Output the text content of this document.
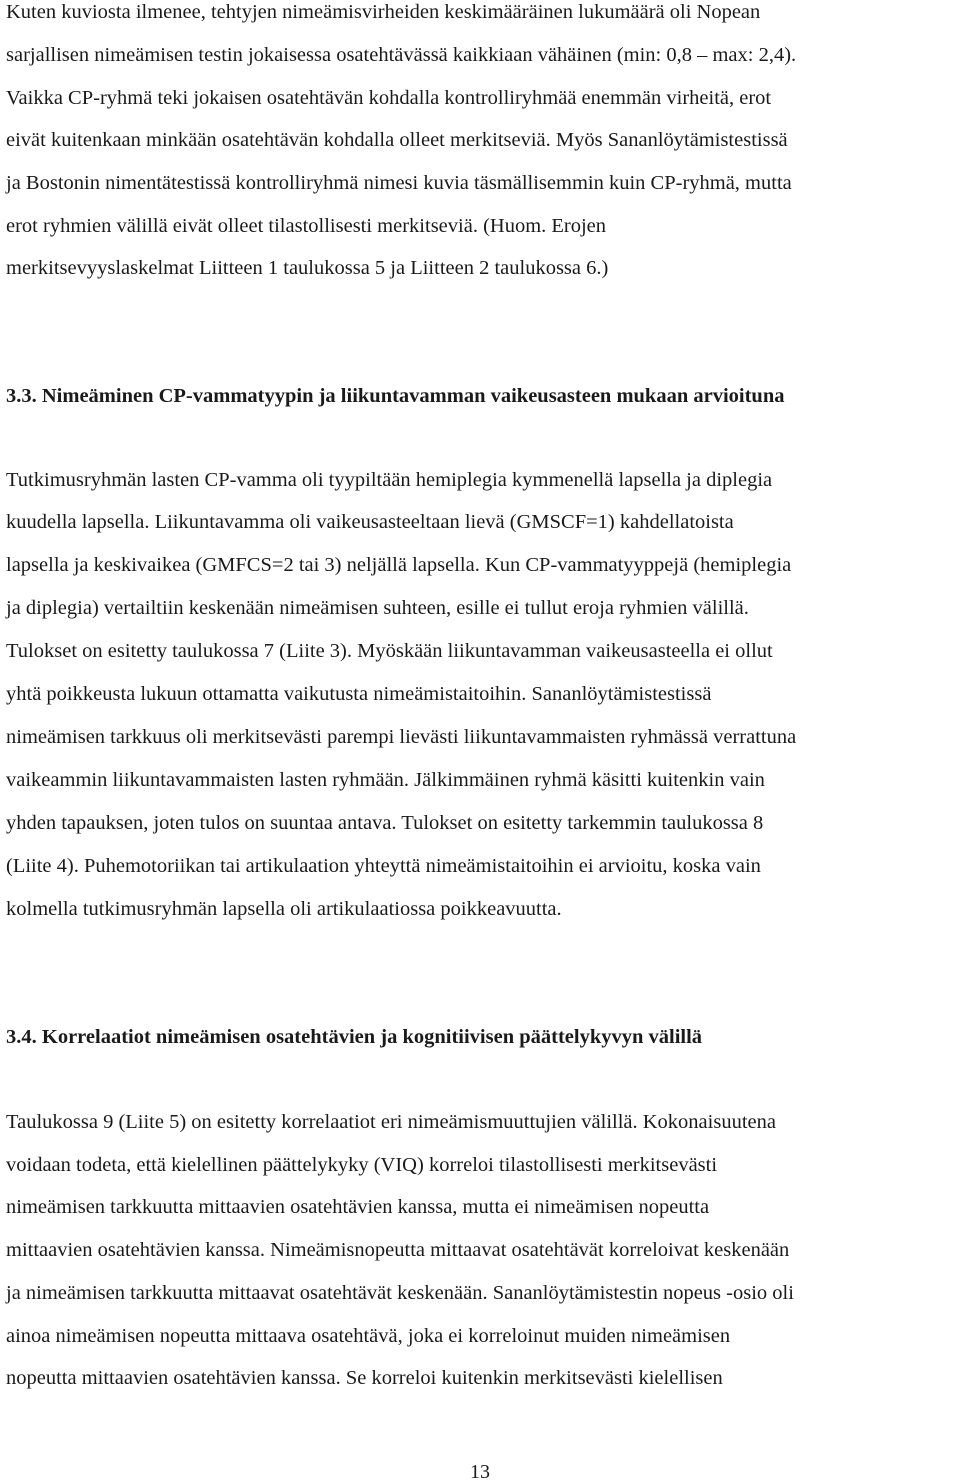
Kuten kuviosta ilmenee, tehtyjen nimeämisvirheiden keskimääräinen lukumäärä oli Nopean
sarjallisen nimeämisen testin jokaisessa osatehtävässä kaikkiaan vähäinen (min: 0,8 – max: 2,4).
Vaikka CP-ryhmä teki jokaisen osatehtävän kohdalla kontrolliryhmää enemmän virheitä, erot
eivät kuitenkaan minkään osatehtävän kohdalla olleet merkitseviä. Myös Sananlöytämistestissä
ja Bostonin nimentätestissä kontrolliryhmä nimesi kuvia täsmällisemmin kuin CP-ryhmä, mutta
erot ryhmien välillä eivät olleet tilastollisesti merkitseviä. (Huom. Erojen
merkitsevyyslaskelmat Liitteen 1 taulukossa 5 ja Liitteen 2 taulukossa 6.)
3.3. Nimeäminen CP-vammatyypin ja liikuntavamman vaikeusasteen mukaan arvioituna
Tutkimusryhmän lasten CP-vamma oli tyypiltään hemiplegia kymmenellä lapsella ja diplegia
kuudella lapsella. Liikuntavamma oli vaikeusasteeltaan lievä (GMSCF=1) kahdellatoista
lapsella ja keskivaikea (GMFCS=2 tai 3) neljällä lapsella. Kun CP-vammatyyppejä (hemiplegia
ja diplegia) vertailtiin keskenään nimeämisen suhteen, esille ei tullut eroja ryhmien välillä.
Tulokset on esitetty taulukossa 7 (Liite 3). Myöskään liikuntavamman vaikeusasteella ei ollut
yhtä poikkeusta lukuun ottamatta vaikutusta nimeämistaitoihin. Sananlöytämistestissä
nimeämisen tarkkuus oli merkitsevästi parempi lievästi liikuntavammaisten ryhmässä verrattuna
vaikeammin liikuntavammaisten lasten ryhmään. Jälkimmäinen ryhmä käsitti kuitenkin vain
yhden tapauksen, joten tulos on suuntaa antava. Tulokset on esitetty tarkemmin taulukossa 8
(Liite 4). Puhemotoriikan tai artikulaation yhteyttä nimeämistaitoihin ei arvioitu, koska vain
kolmella tutkimusryhmän lapsella oli artikulaatiossa poikkeavuutta.
3.4. Korrelaatiot nimeämisen osatehtävien ja kognitiivisen päättelykyvyn välillä
Taulukossa 9 (Liite 5) on esitetty korrelaatiot eri nimeämismuuttujien välillä. Kokonaisuutena
voidaan todeta, että kielellinen päättelykyky (VIQ) korreloi tilastollisesti merkitsevästi
nimeämisen tarkkuutta mittaavien osatehtävien kanssa, mutta ei nimeämisen nopeutta
mittaavien osatehtävien kanssa. Nimeämisnopeutta mittaavat osatehtävät korreloivat keskenään
ja nimeämisen tarkkuutta mittaavat osatehtävät keskenään. Sananlöytämistestin nopeus -osio oli
ainoa nimeämisen nopeutta mittaava osatehtävä, joka ei korreloinut muiden nimeämisen
nopeutta mittaavien osatehtävien kanssa. Se korreloi kuitenkin merkitsevästi kielellisen
13
